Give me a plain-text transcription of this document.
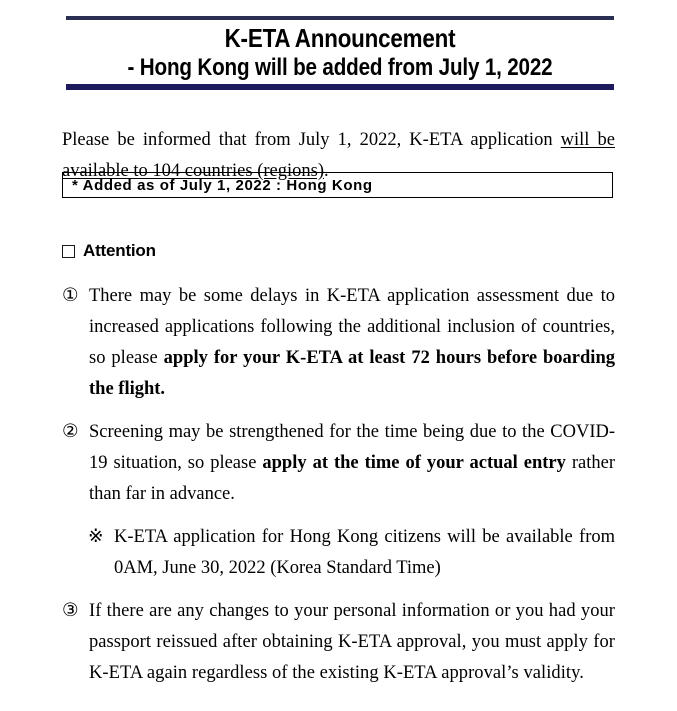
K-ETA Announcement
- Hong Kong will be added from July 1, 2022

Please be informed that from July 1, 2022, K-ETA application will be available to 104 countries (regions).

* Added as of July 1, 2022 : Hong Kong
Attention
① There may be some delays in K-ETA application assessment due to increased applications following the additional inclusion of countries, so please apply for your K-ETA at least 72 hours before boarding the flight.
② Screening may be strengthened for the time being due to the COVID-19 situation, so please apply at the time of your actual entry rather than far in advance.
※ K-ETA application for Hong Kong citizens will be available from 0AM, June 30, 2022 (Korea Standard Time)
③ If there are any changes to your personal information or you had your passport reissued after obtaining K-ETA approval, you must apply for K-ETA again regardless of the existing K-ETA approval’s validity.
